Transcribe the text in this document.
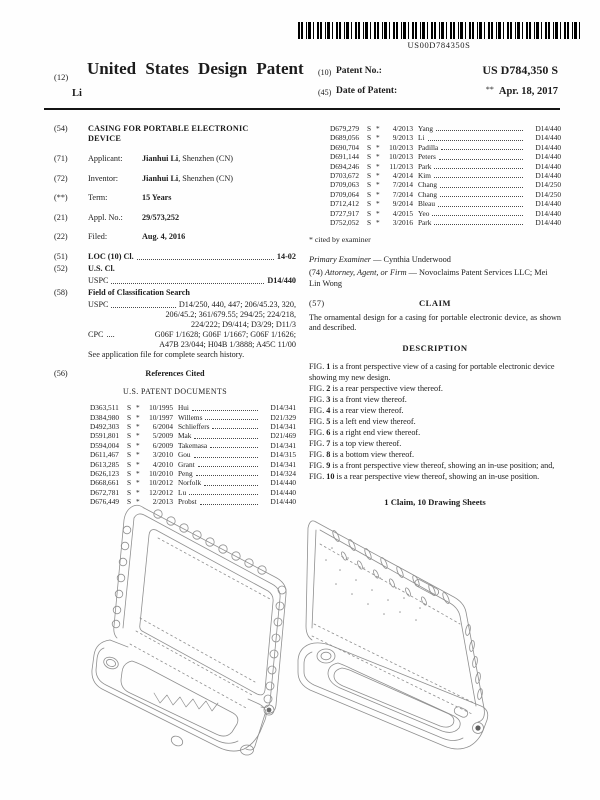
US00D784350S
(12) United States Design Patent
Li
(10) Patent No.:	US D784,350 S
(45) Date of Patent:	** Apr. 18, 2017
(54)	CASING FOR PORTABLE ELECTRONIC DEVICE
(71)	Applicant:	Jianhui Li, Shenzhen (CN)
(72)	Inventor:	Jianhui Li, Shenzhen (CN)
(**)	Term:	15 Years
(21)	Appl. No.:	29/573,252
(22)	Filed:	Aug. 4, 2016
(51)	LOC (10) Cl.	14-02
(52)	U.S. Cl.
USPC	D14/440
(58)	Field of Classification Search
USPC	D14/250, 440, 447; 206/45.23, 320,
206/45.2; 361/679.55; 294/25; 224/218,
224/222; D9/414; D3/29; D11/3
CPC ....	G06F 1/1628; G06F 1/1667; G06F 1/1626;
A47B 23/044; H04B 1/3888; A45C 11/00
See application file for complete search history.
(56)	References Cited
U.S. PATENT DOCUMENTS
D363,511	S *	10/1995 Hui	D14/341
D384,980	S *	10/1997 Willems	D21/329
D492,303	S *	6/2004 Schlieffers	D14/341
D591,801	S *	5/2009 Mak	D21/469
D594,004	S *	6/2009 Takemasa	D14/341
D611,467	S *	3/2010 Gou	D14/315
D613,285	S *	4/2010 Grant	D14/341
D626,123	S *	10/2010 Peng	D14/324
D668,661	S *	10/2012 Norfolk	D14/440
D672,781	S *	12/2012 Lu	D14/440
D676,449	S *	2/2013 Probst	D14/440
D679,279	S *	4/2013 Yang	D14/440
D689,056	S *	9/2013 Li	D14/440
D690,704	S *	10/2013 Padilla	D14/440
D691,144	S *	10/2013 Peters	D14/440
D694,246	S *	11/2013 Park	D14/440
D703,672	S *	4/2014 Kim	D14/440
D709,063	S *	7/2014 Chang	D14/250
D709,064	S *	7/2014 Chang	D14/250
D712,412	S *	9/2014 Bleau	D14/440
D727,917	S *	4/2015 Yeo	D14/440
D752,052	S *	3/2016 Park	D14/440
* cited by examiner
Primary Examiner — Cynthia Underwood
(74) Attorney, Agent, or Firm — Novoclaims Patent Services LLC; Mei Lin Wong
(57)	CLAIM
The ornamental design for a casing for portable electronic device, as shown and described.
DESCRIPTION
FIG. 1 is a front perspective view of a casing for portable electronic device showing my new design.
FIG. 2 is a rear perspective view thereof.
FIG. 3 is a front view thereof.
FIG. 4 is a rear view thereof.
FIG. 5 is a left end view thereof.
FIG. 6 is a right end view thereof.
FIG. 7 is a top view thereof.
FIG. 8 is a bottom view thereof.
FIG. 9 is a front perspective view thereof, showing an in-use position; and,
FIG. 10 is a rear perspective view thereof, showing an in-use position.
1 Claim, 10 Drawing Sheets
